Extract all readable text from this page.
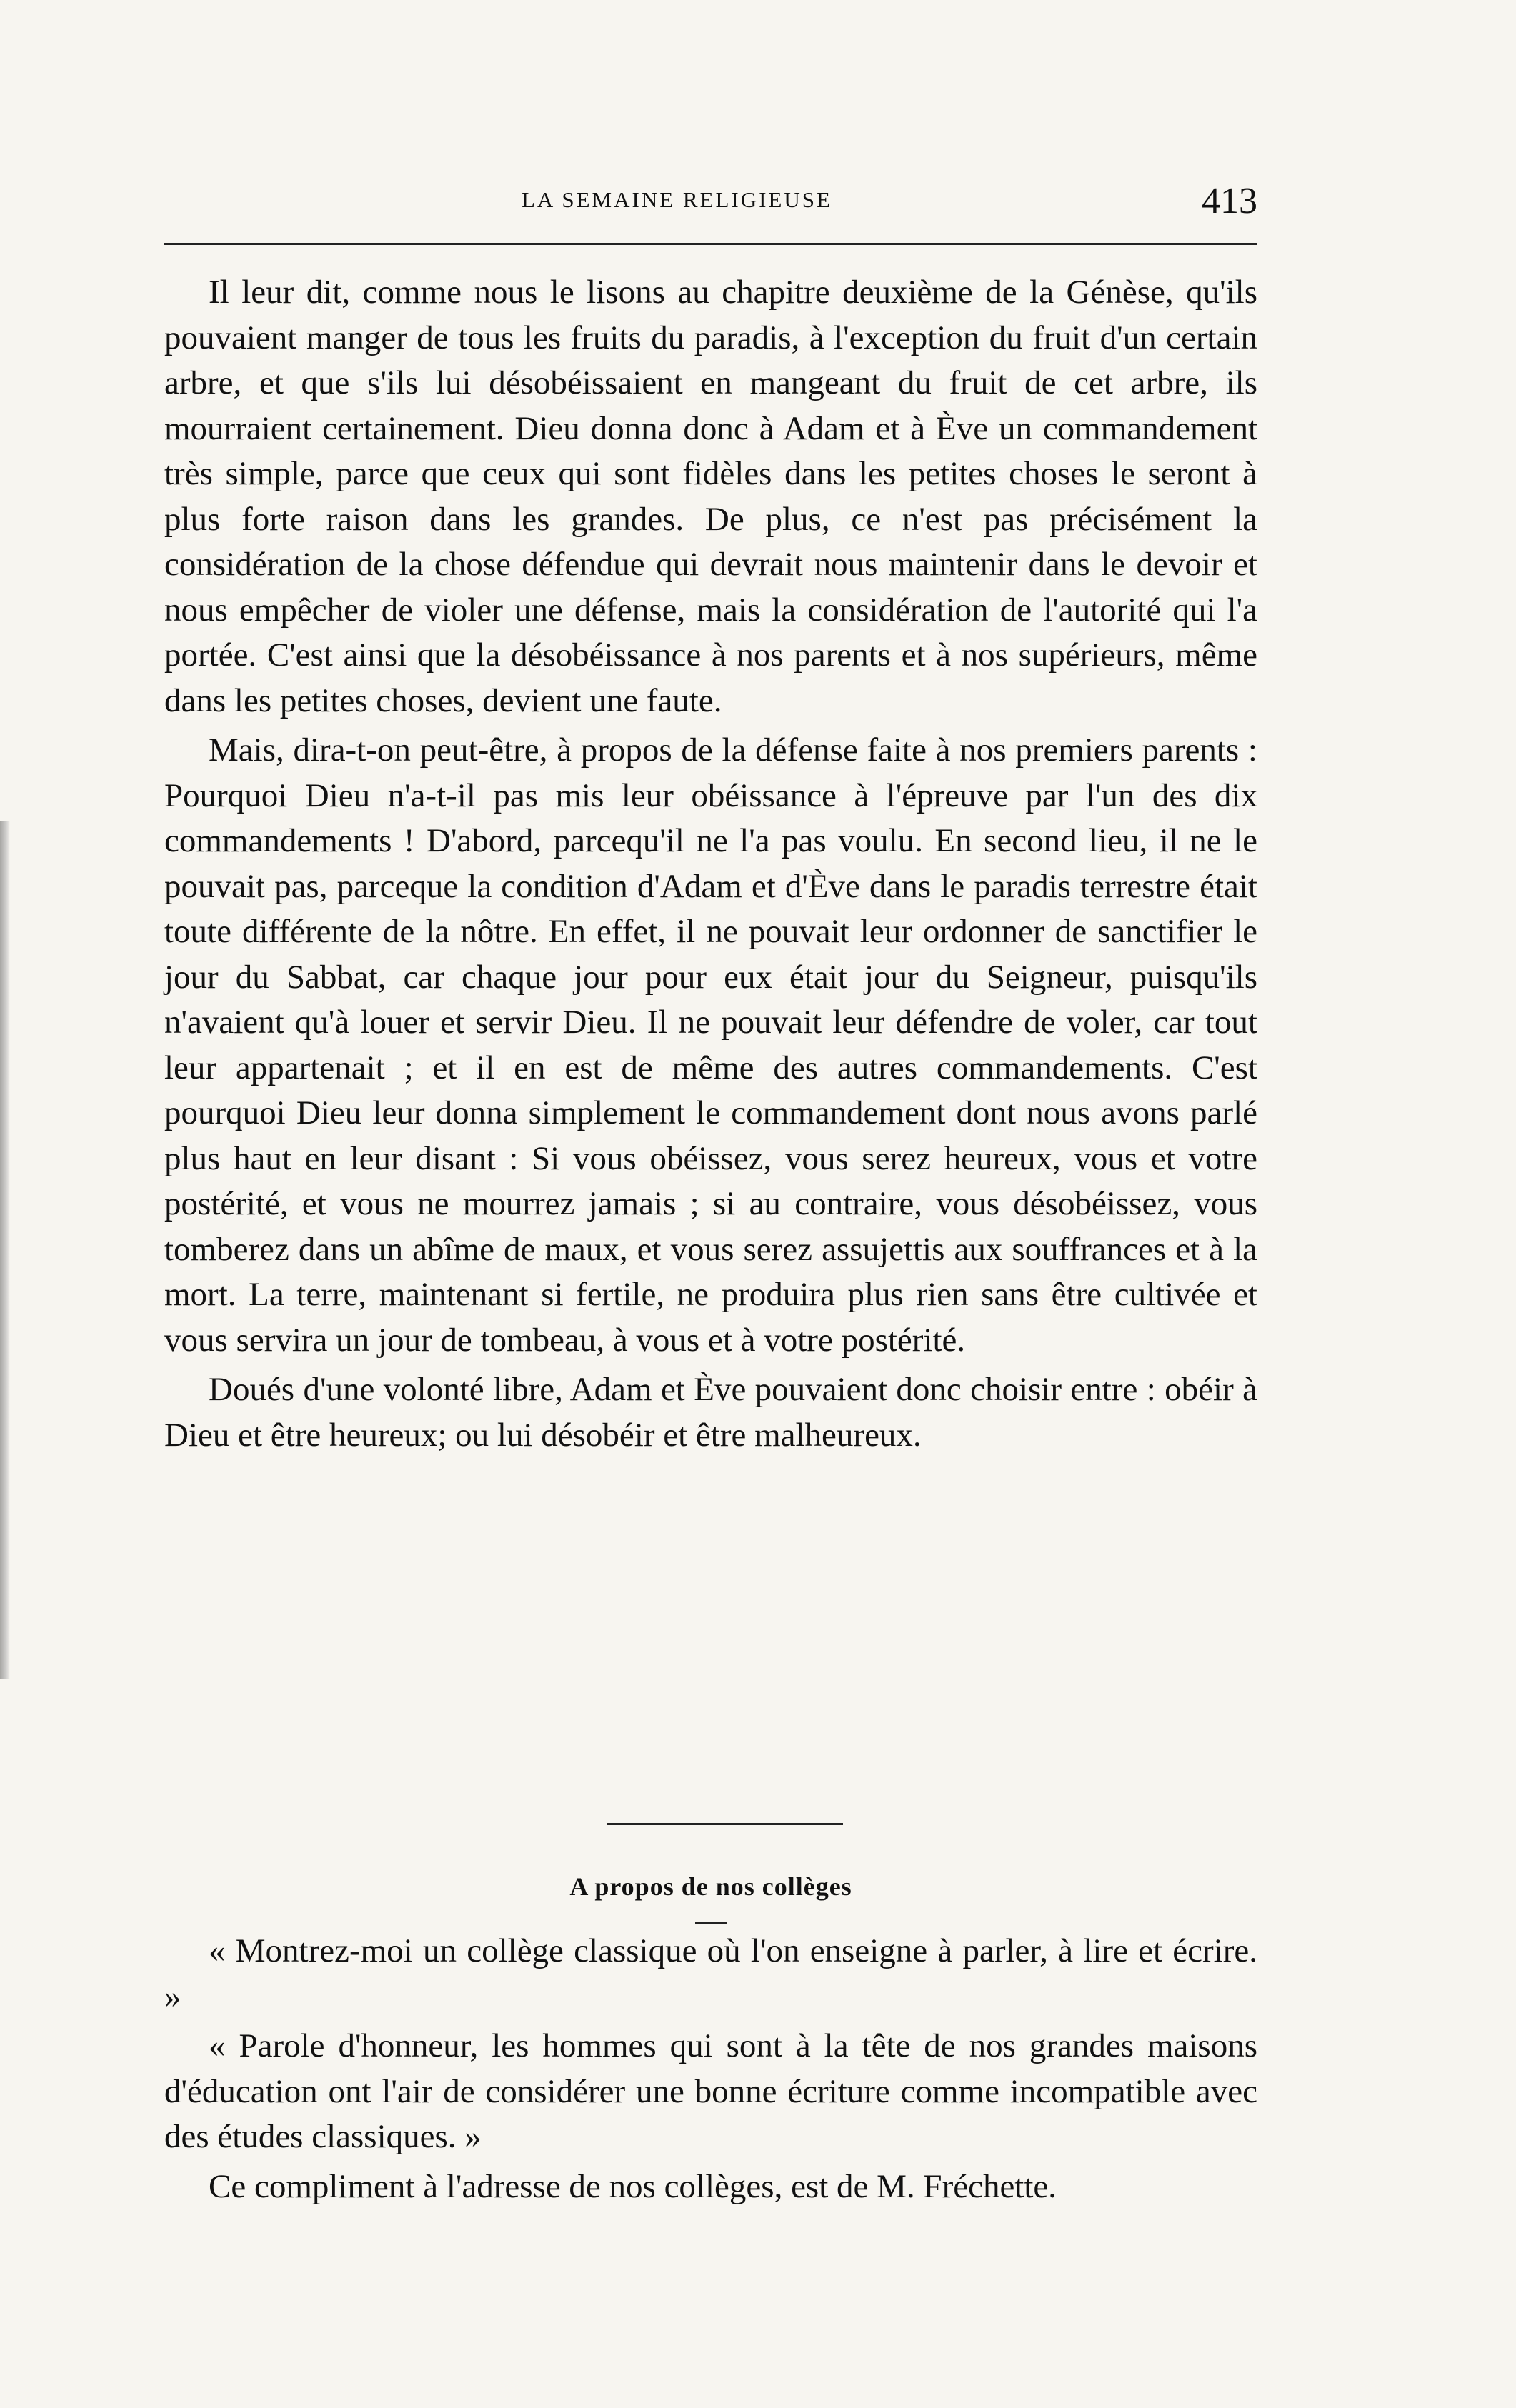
LA SEMAINE RELIGIEUSE	413

Il leur dit, comme nous le lisons au chapitre deuxième de la Génèse, qu'ils pouvaient manger de tous les fruits du paradis, à l'exception du fruit d'un certain arbre, et que s'ils lui désobéissaient en mangeant du fruit de cet arbre, ils mourraient certainement. Dieu donna donc à Adam et à Ève un commandement très simple, parce que ceux qui sont fidèles dans les petites choses le seront à plus forte raison dans les grandes. De plus, ce n'est pas précisément la considération de la chose défendue qui devrait nous maintenir dans le devoir et nous empêcher de violer une défense, mais la considération de l'autorité qui l'a portée. C'est ainsi que la désobéissance à nos parents et à nos supérieurs, même dans les petites choses, devient une faute.

Mais, dira-t-on peut-être, à propos de la défense faite à nos premiers parents : Pourquoi Dieu n'a-t-il pas mis leur obéissance à l'épreuve par l'un des dix commandements ! D'abord, parcequ'il ne l'a pas voulu. En second lieu, il ne le pouvait pas, parceque la condition d'Adam et d'Ève dans le paradis terrestre était toute différente de la nôtre. En effet, il ne pouvait leur ordonner de sanctifier le jour du Sabbat, car chaque jour pour eux était jour du Seigneur, puisqu'ils n'avaient qu'à louer et servir Dieu. Il ne pouvait leur défendre de voler, car tout leur appartenait ; et il en est de même des autres commandements. C'est pourquoi Dieu leur donna simplement le commandement dont nous avons parlé plus haut en leur disant : Si vous obéissez, vous serez heureux, vous et votre postérité, et vous ne mourrez jamais ; si au contraire, vous désobéissez, vous tomberez dans un abîme de maux, et vous serez assujettis aux souffrances et à la mort. La terre, maintenant si fertile, ne produira plus rien sans être cultivée et vous servira un jour de tombeau, à vous et à votre postérité.

Doués d'une volonté libre, Adam et Ève pouvaient donc choisir entre : obéir à Dieu et être heureux; ou lui désobéir et être malheureux.

A propos de nos collèges

« Montrez-moi un collège classique où l'on enseigne à parler, à lire et écrire. »

« Parole d'honneur, les hommes qui sont à la tête de nos grandes maisons d'éducation ont l'air de considérer une bonne écriture comme incompatible avec des études classiques. »

Ce compliment à l'adresse de nos collèges, est de M. Fréchette.
